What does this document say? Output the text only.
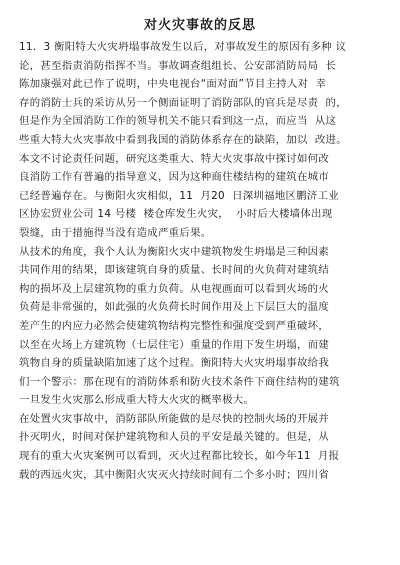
对火灾事故的反思
11．3 衡阳特大火灾坍塌事故发生以后，对事故发生的原因有多种 议
论，甚至指责消防指挥不当。事故调查组组长、公安部消防局局  长
陈加康强对此已作了说明，中央电视台“面对面”节目主持人对  幸
存的消防士兵的采访从另一个侧面证明了消防部队的官兵是尽责  的，
但是作为全国消防工作的领导机关不能只看到这一点，而应当  从这
些重大特大火灾事故中看到我国的消防体系存在的缺陷，加以  改进。
本文不讨论责任问题，研究这类重大、特大火灾事故中探讨如何改
良消防工作有普遍的指导意义，因为这种商住楼结构的建筑在城市
已经普遍存在。与衡阳火灾相似，11  月20  日深圳福地区鹏济工业
区协宏贸业公司 14 号楼  楼仓库发生火灾，  小时后大楼墙体出现
裂缝，由于措施得当没有造成严重后果。
从技术的角度，我个人认为衡阳火灾中建筑物发生坍塌是三种因素
共同作用的结果，即该建筑自身的质量、长时间的火负荷对建筑结
构的损坏及上层建筑物的重力负荷。从电视画面可以看到火场的火
负荷是非常强的，如此强的火负荷长时间作用及上下层巨大的温度
差产生的内应力必然会使建筑物结构完整性和强度受到严重破坏，
以至在火场上方建筑物（七层住宅）重量的作用下发生坍塌，而建
筑物自身的质量缺陷加速了这个过程。衡阳特大火灾坍塌事故给我
们一个警示：那在现有的消防体系和防火技术条件下商住结构的建筑
一旦发生火灾那么形成重大特大火灾的概率极大。
在处置火灾事故中，消防部队所能做的是尽快的控制火场的开展并
扑灭明火，时间对保护建筑物和人员的平安是最关键的。但是，从
现有的重大火灾案例可以看到，灭火过程都比较长，如今年11  月报
载的西远火灾，其中衡阳火灾灭火持续时间有二个多小时；四川省
